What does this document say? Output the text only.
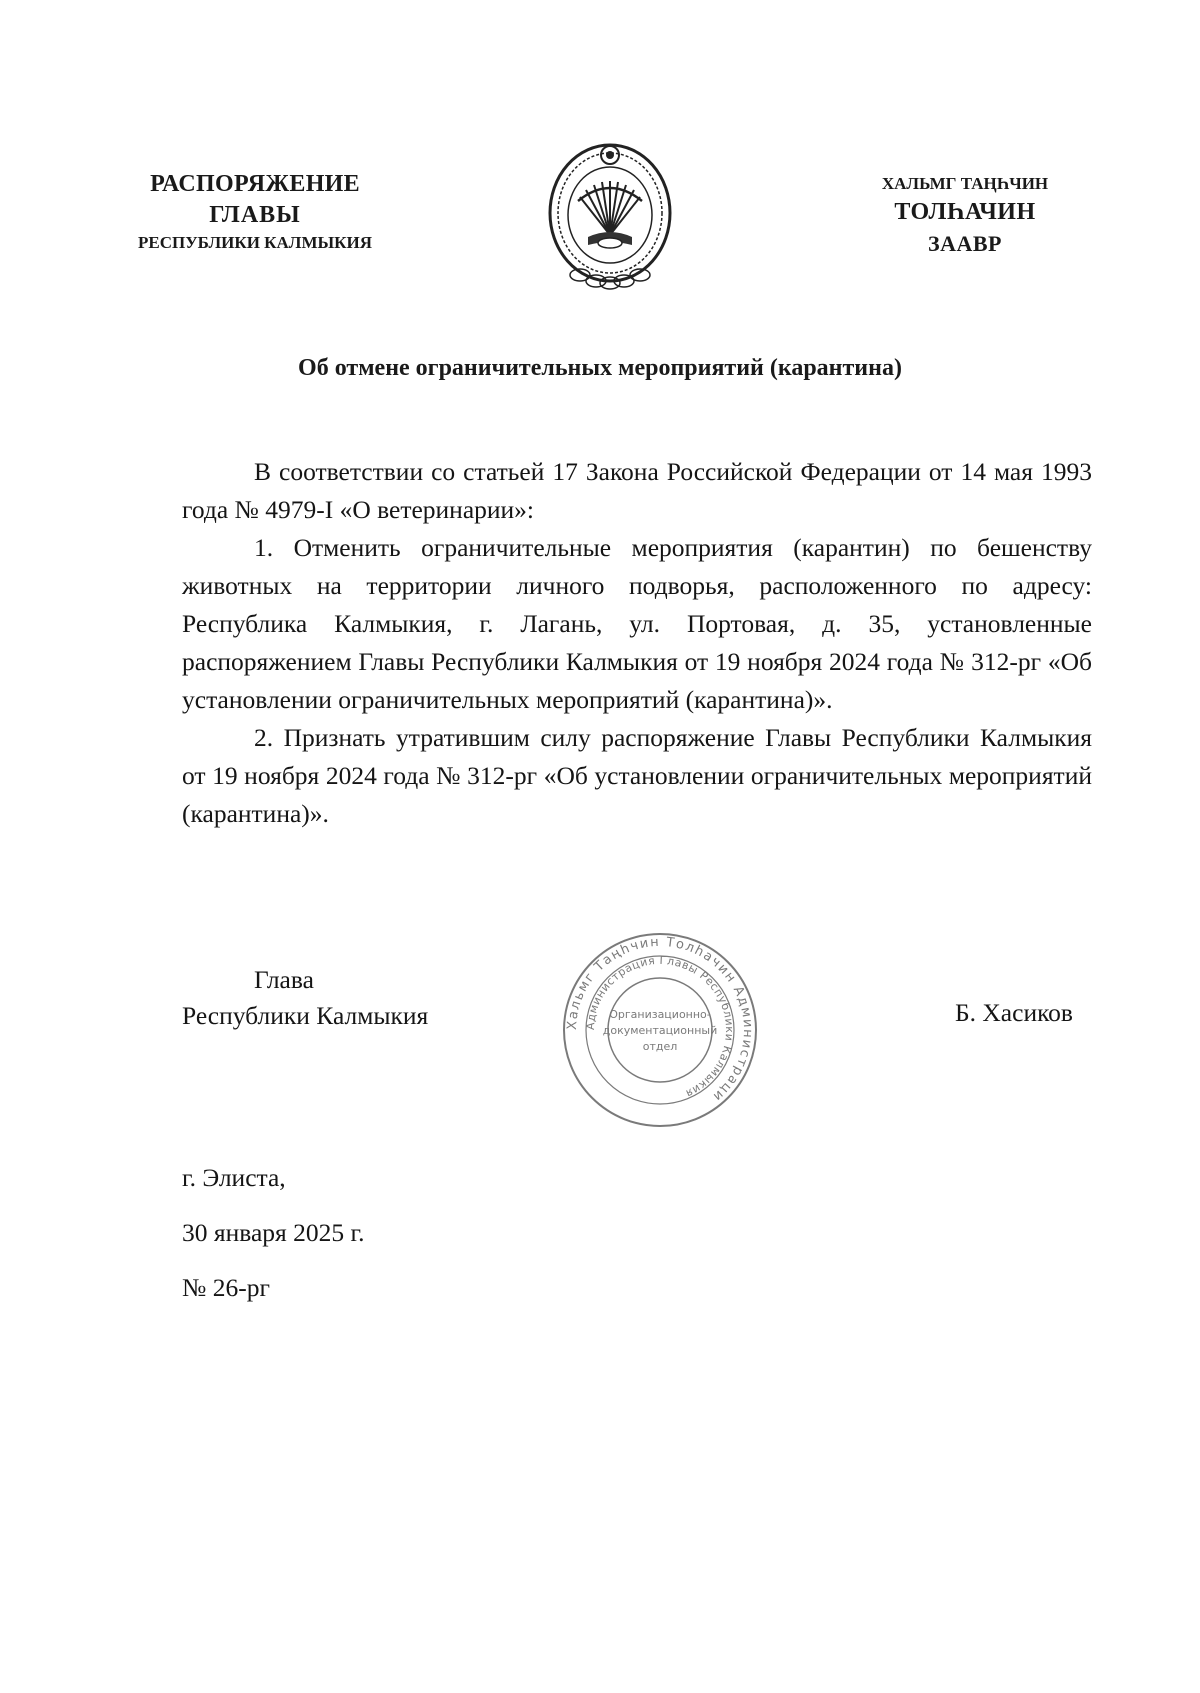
РАСПОРЯЖЕНИЕ
ГЛАВЫ
РЕСПУБЛИКИ КАЛМЫКИЯ
ХАЛЬМГ ТАҢҺЧИН
ТОЛҺАЧИН
ЗААВР
Об отмене ограничительных мероприятий (карантина)

В соответствии со статьей 17 Закона Российской Федерации от 14 мая 1993 года № 4979-I «О ветеринарии»:

1. Отменить ограничительные мероприятия (карантин) по бешенству животных на территории личного подворья, расположенного по адресу: Республика Калмыкия, г. Лагань, ул. Портовая, д. 35, установленные распоряжением Главы Республики Калмыкия от 19 ноября 2024 года № 312-рг «Об установлении ограничительных мероприятий (карантина)».

2. Признать утратившим силу распоряжение Главы Республики Калмыкия от 19 ноября 2024 года № 312-рг «Об установлении ограничительных мероприятий (карантина)».

Глава
Республики Калмыкия	Хальмг Таңһчин Толһачин Администраци
Администрация Главы Республики Калмыкия
Организационно-
документационный
отдел
Б. Хасиков
г. Элиста,
30 января 2025 г.
№ 26-рг
